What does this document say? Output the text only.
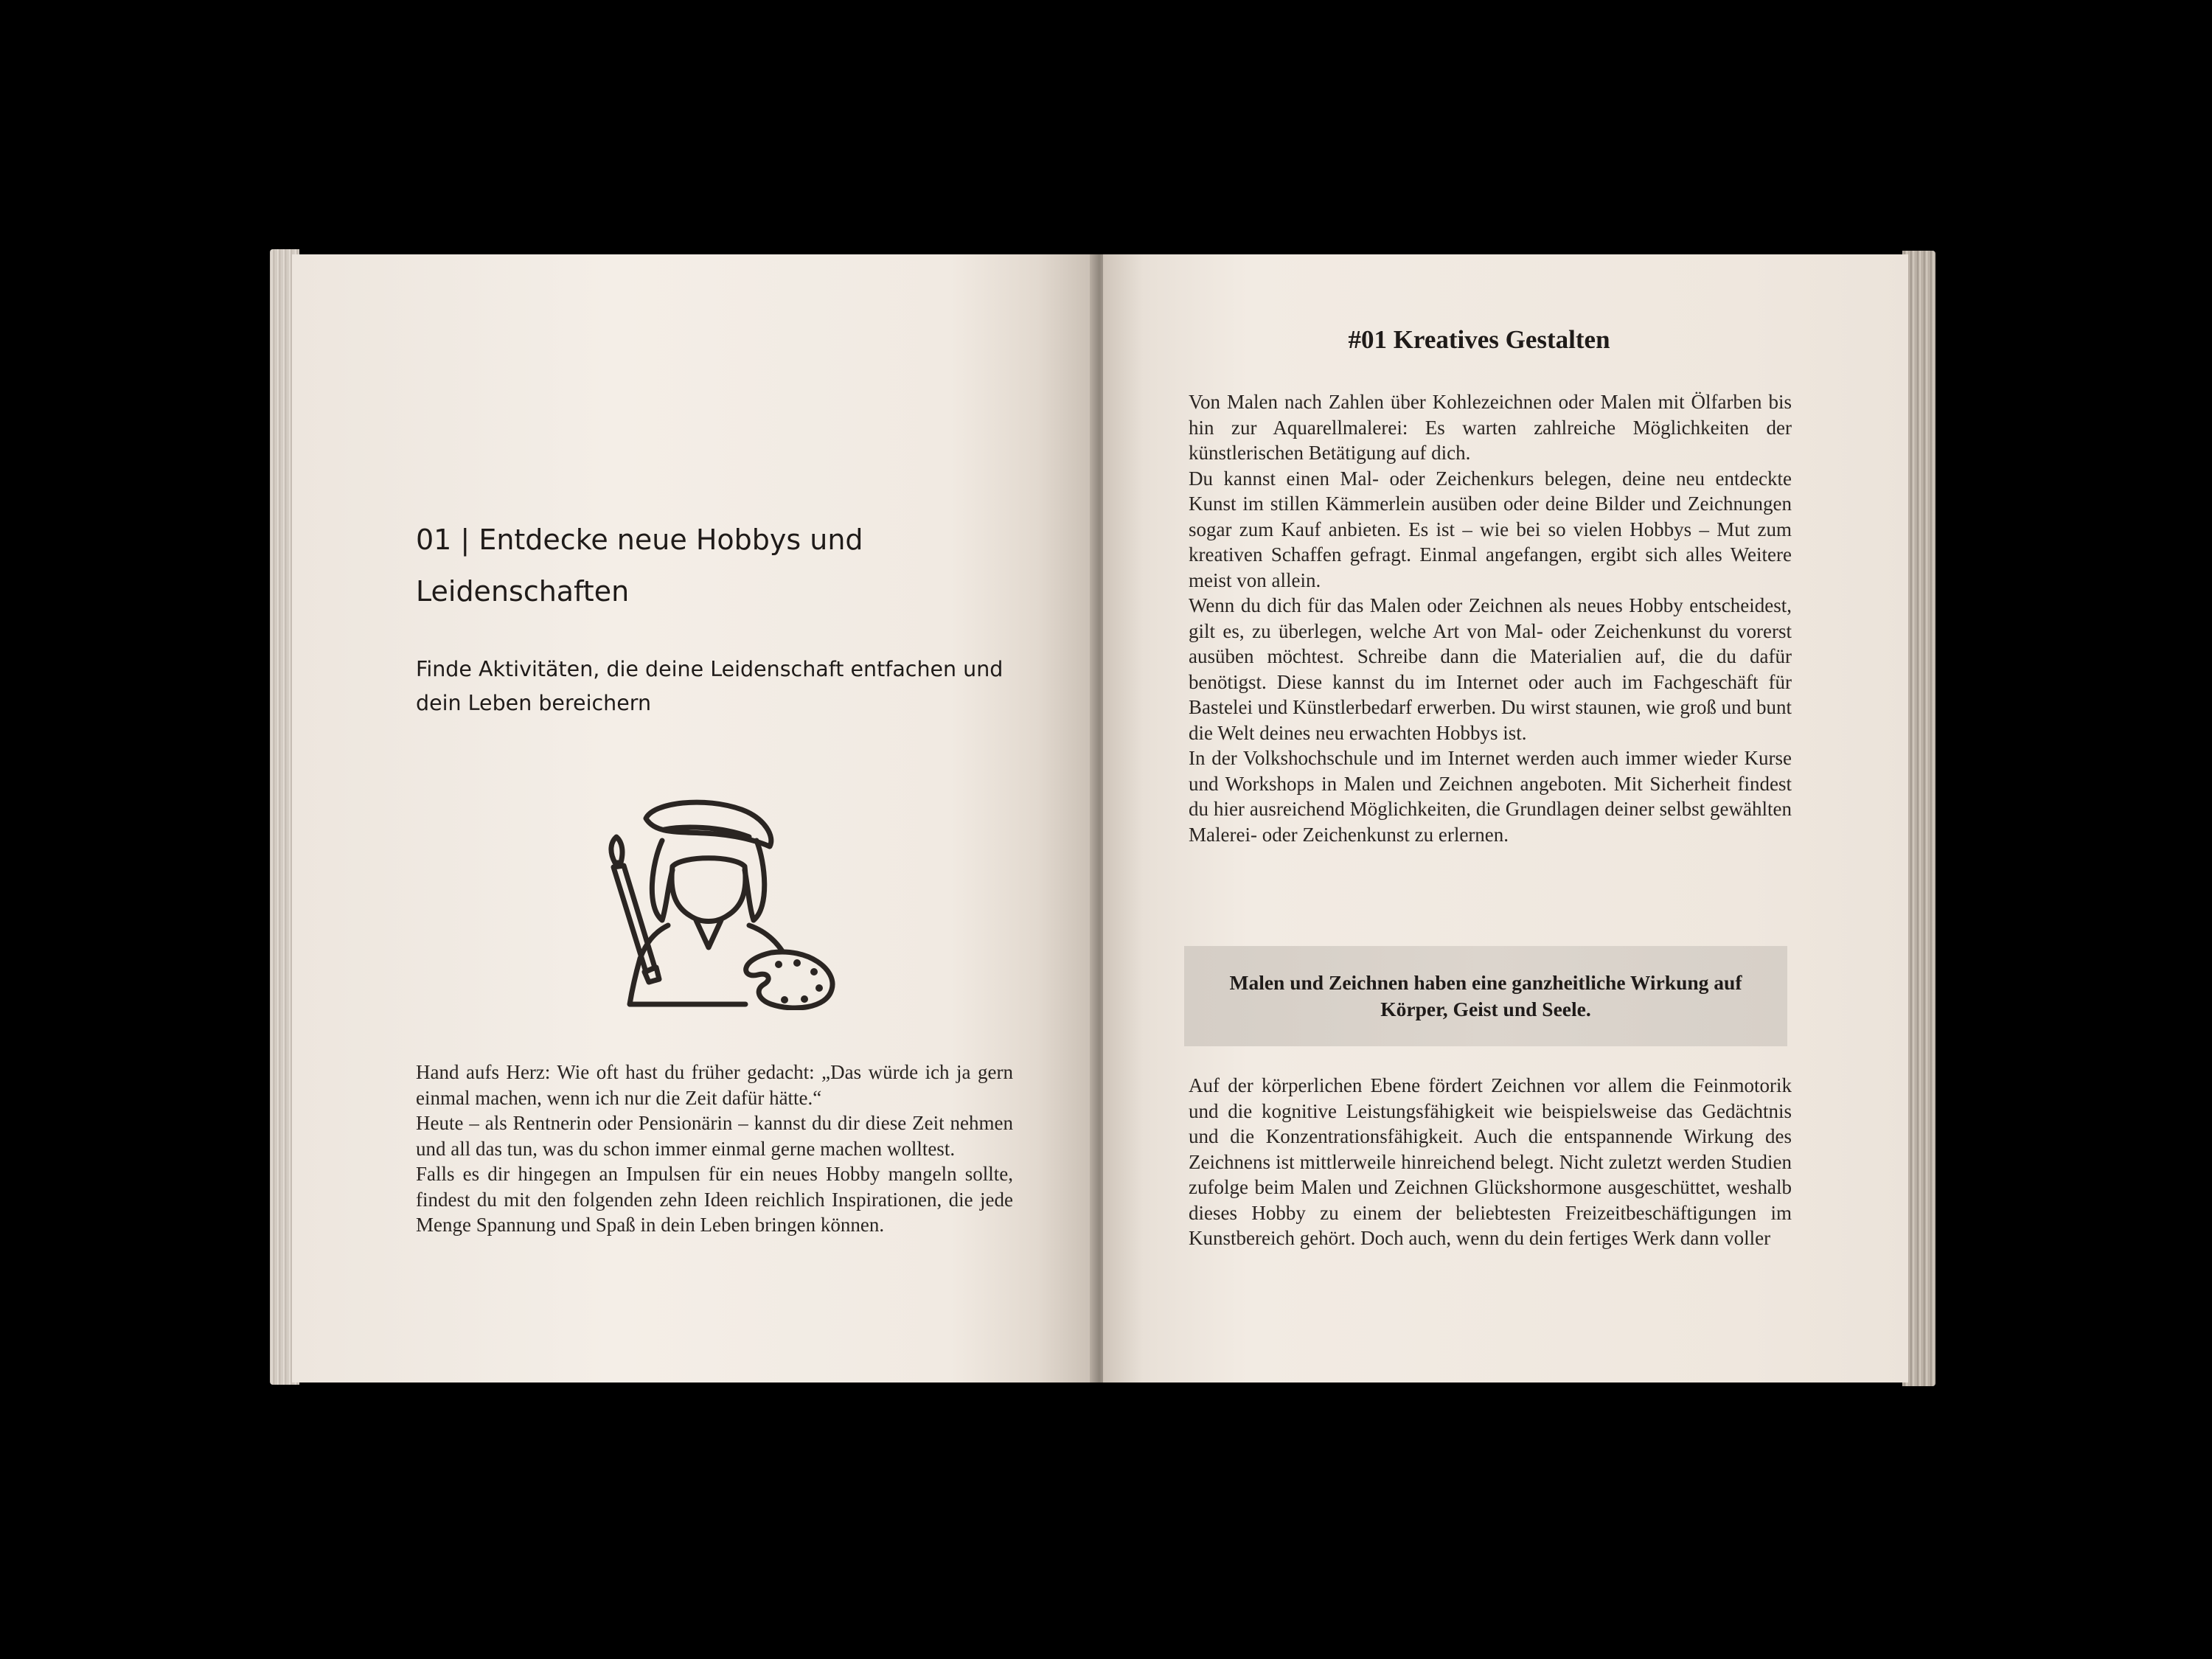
01 | Entdecke neue Hobbys und Leidenschaften
Finde Aktivitäten, die deine Leidenschaft entfachen und dein Leben bereichern

Hand aufs Herz: Wie oft hast du früher gedacht: „Das würde ich ja gern einmal machen, wenn ich nur die Zeit dafür hätte.“

Heute – als Rentnerin oder Pensionärin – kannst du dir diese Zeit nehmen und all das tun, was du schon immer einmal gerne machen wolltest.

Falls es dir hingegen an Impulsen für ein neues Hobby mangeln sollte, findest du mit den folgenden zehn Ideen reichlich Inspirationen, die jede Menge Spannung und Spaß in dein Leben bringen können.

#01 Kreatives Gestalten

Von Malen nach Zahlen über Kohlezeichnen oder Malen mit Ölfarben bis hin zur Aquarellmalerei: Es warten zahlreiche Möglichkeiten der künstlerischen Betätigung auf dich.

Du kannst einen Mal- oder Zeichenkurs belegen, deine neu entdeckte Kunst im stillen Kämmerlein ausüben oder deine Bilder und Zeichnungen sogar zum Kauf anbieten. Es ist – wie bei so vielen Hobbys – Mut zum kreativen Schaffen gefragt. Einmal angefangen, ergibt sich alles Weitere meist von allein.

Wenn du dich für das Malen oder Zeichnen als neues Hobby entscheidest, gilt es, zu überlegen, welche Art von Mal- oder Zeichenkunst du vorerst ausüben möchtest. Schreibe dann die Materialien auf, die du dafür benötigst. Diese kannst du im Internet oder auch im Fachgeschäft für Bastelei und Künstlerbedarf erwerben. Du wirst staunen, wie groß und bunt die Welt deines neu erwachten Hobbys ist.

In der Volkshochschule und im Internet werden auch immer wieder Kurse und Workshops in Malen und Zeichnen angeboten. Mit Sicherheit findest du hier ausreichend Möglichkeiten, die Grundlagen deiner selbst gewählten Malerei- oder Zeichenkunst zu erlernen.

Malen und Zeichnen haben eine ganzheitliche Wirkung auf Körper, Geist und Seele.

Auf der körperlichen Ebene fördert Zeichnen vor allem die Feinmotorik und die kognitive Leistungsfähigkeit wie beispielsweise das Gedächtnis und die Konzentrationsfähigkeit. Auch die entspannende Wirkung des Zeichnens ist mittlerweile hinreichend belegt. Nicht zuletzt werden Studien zufolge beim Malen und Zeichnen Glückshormone ausgeschüttet, weshalb dieses Hobby zu einem der beliebtesten Freizeitbeschäftigungen im Kunstbereich gehört. Doch auch, wenn du dein fertiges Werk dann voller
